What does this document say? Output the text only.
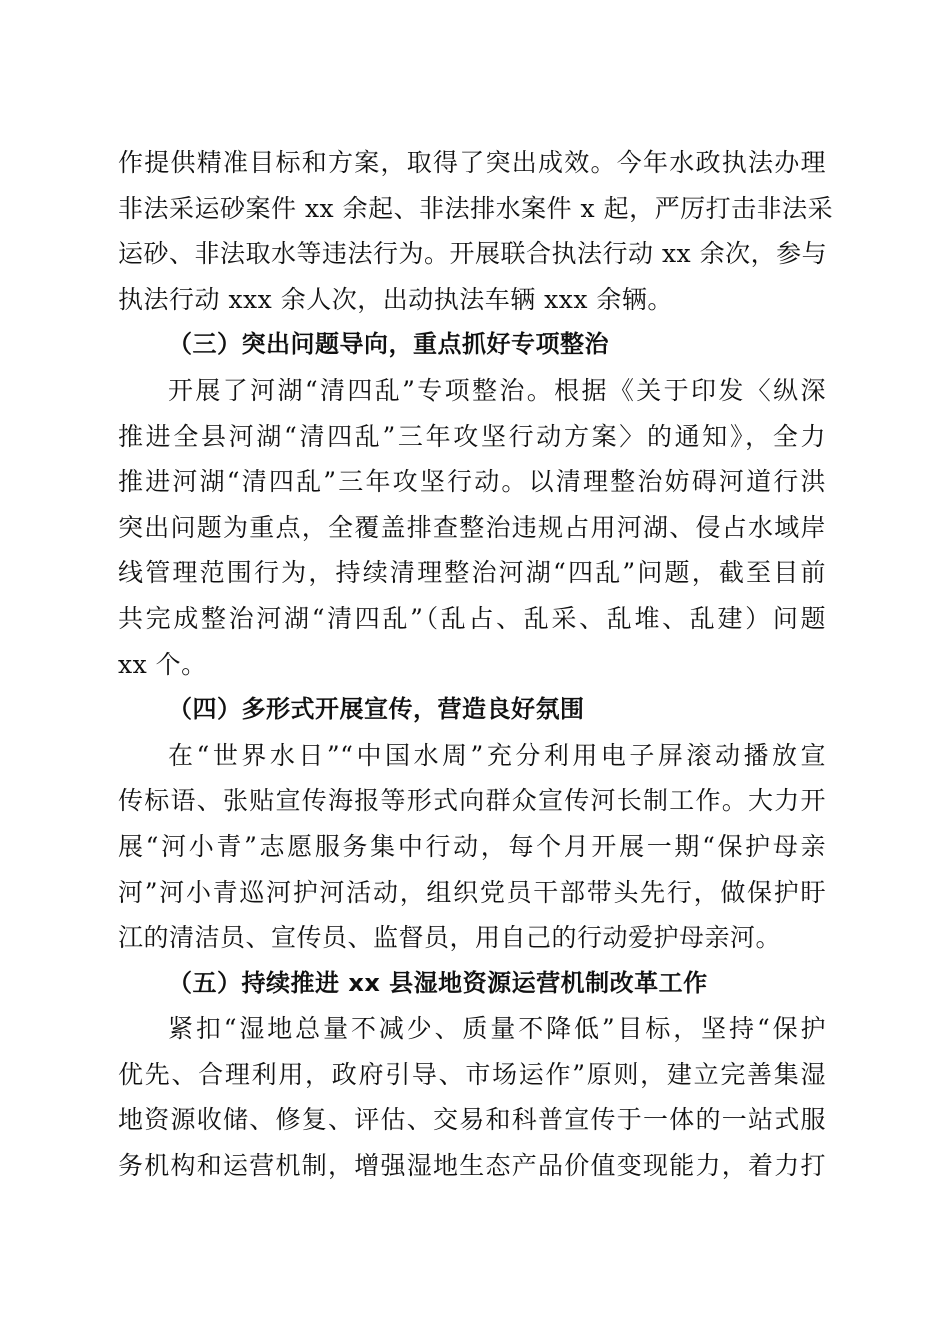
作提供精准目标和方案，取得了突出成效。今年水政执法办理
非法采运砂案件 xx 余起、非法排水案件 x 起，严厉打击非法采
运砂、非法取水等违法行为。开展联合执法行动 xx 余次，参与
执法行动 xxx 余人次，出动执法车辆 xxx 余辆。
（三）突出问题导向，重点抓好专项整治
开展了河湖“清四乱”专项整治。根据《关于印发〈纵深
推进全县河湖“清四乱”三年攻坚行动方案〉的通知》，全力
推进河湖“清四乱”三年攻坚行动。以清理整治妨碍河道行洪
突出问题为重点，全覆盖排查整治违规占用河湖、侵占水域岸
线管理范围行为，持续清理整治河湖“四乱”问题，截至目前
共完成整治河湖“清四乱”（乱占、乱采、乱堆、乱建）问题
xx 个。
（四）多形式开展宣传，营造良好氛围
在“世界水日”“中国水周”充分利用电子屏滚动播放宣
传标语、张贴宣传海报等形式向群众宣传河长制工作。大力开
展“河小青”志愿服务集中行动，每个月开展一期“保护母亲
河”河小青巡河护河活动，组织党员干部带头先行，做保护盱
江的清洁员、宣传员、监督员，用自己的行动爱护母亲河。
（五）持续推进 xx 县湿地资源运营机制改革工作
紧扣“湿地总量不减少、质量不降低”目标，坚持“保护
优先、合理利用，政府引导、市场运作”原则，建立完善集湿
地资源收储、修复、评估、交易和科普宣传于一体的一站式服
务机构和运营机制，增强湿地生态产品价值变现能力，着力打
